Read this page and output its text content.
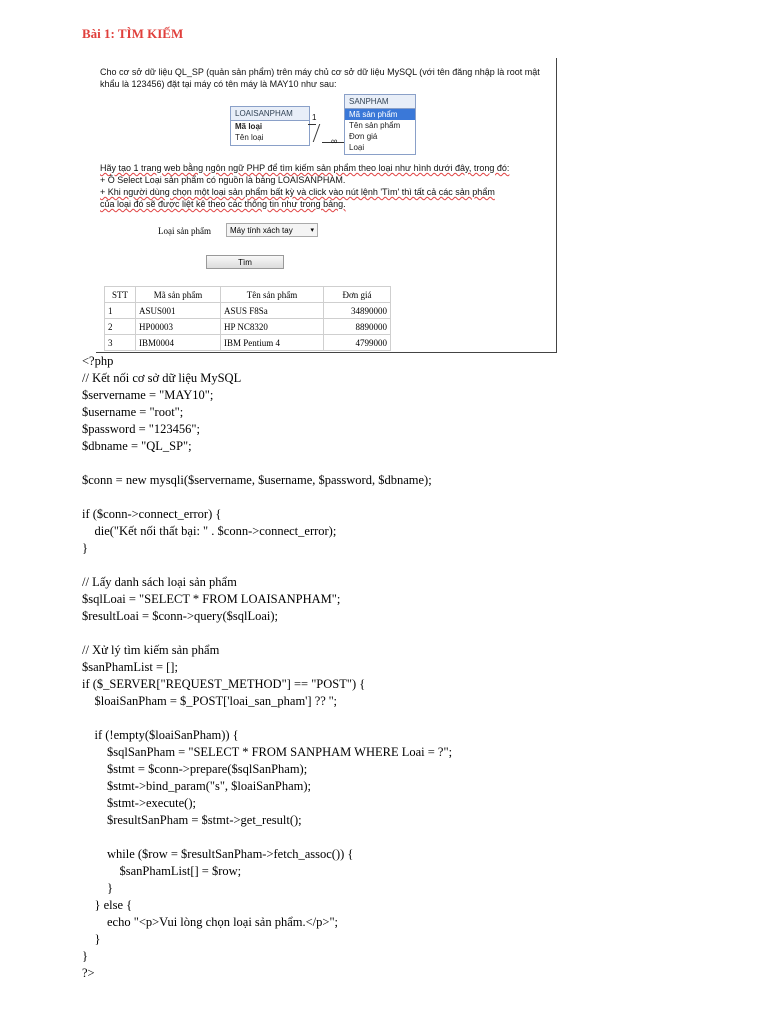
Bài 1: TÌM KIẾM
Cho cơ sở dữ liệu QL_SP (quản sản phẩm) trên máy chủ cơ sở dữ liệu MySQL (với tên đăng nhập là root mật khẩu là 123456) đặt tại máy có tên máy là MAY10 như sau:
LOAISANPHAM
Mã loại
Tên loại
1
∞
SANPHAM
Mã sản phẩm
Tên sản phẩm
Đơn giá
Loại
Hãy tạo 1 trang web bằng ngôn ngữ PHP để tìm kiếm sản phẩm theo loại như hình dưới đây, trong đó:
+ Ô Select Loại sản phẩm có nguồn là bảng LOAISANPHAM.
+ Khi người dùng chọn một loại sản phẩm bất kỳ và click vào nút lệnh 'Tìm' thì tất cả các sản phẩm
của loại đó sẽ được liệt kê theo các thông tin như trong bảng.
Loại sản phẩm	Máy tính xách tay	▾
Tìm
STT	Mã sản phẩm	Tên sản phẩm	Đơn giá
1	ASUS001	ASUS F8Sa	34890000
2	HP00003	HP NC8320	8890000
3	IBM0004	IBM Pentium 4	4799000
<?php
// Kết nối cơ sở dữ liệu MySQL
$servername = "MAY10";
$username = "root";
$password = "123456";
$dbname = "QL_SP";
$conn = new mysqli($servername, $username, $password, $dbname);
if ($conn->connect_error) {
die("Kết nối thất bại: " . $conn->connect_error);
}
// Lấy danh sách loại sản phẩm
$sqlLoai = "SELECT * FROM LOAISANPHAM";
$resultLoai = $conn->query($sqlLoai);
// Xử lý tìm kiếm sản phẩm
$sanPhamList = [];
if ($_SERVER["REQUEST_METHOD"] == "POST") {
$loaiSanPham = $_POST['loai_san_pham'] ?? '';
if (!empty($loaiSanPham)) {
$sqlSanPham = "SELECT * FROM SANPHAM WHERE Loai = ?";
$stmt = $conn->prepare($sqlSanPham);
$stmt->bind_param("s", $loaiSanPham);
$stmt->execute();
$resultSanPham = $stmt->get_result();
while ($row = $resultSanPham->fetch_assoc()) {
$sanPhamList[] = $row;
}
} else {
echo "<p>Vui lòng chọn loại sản phẩm.</p>";
}
}
?>
